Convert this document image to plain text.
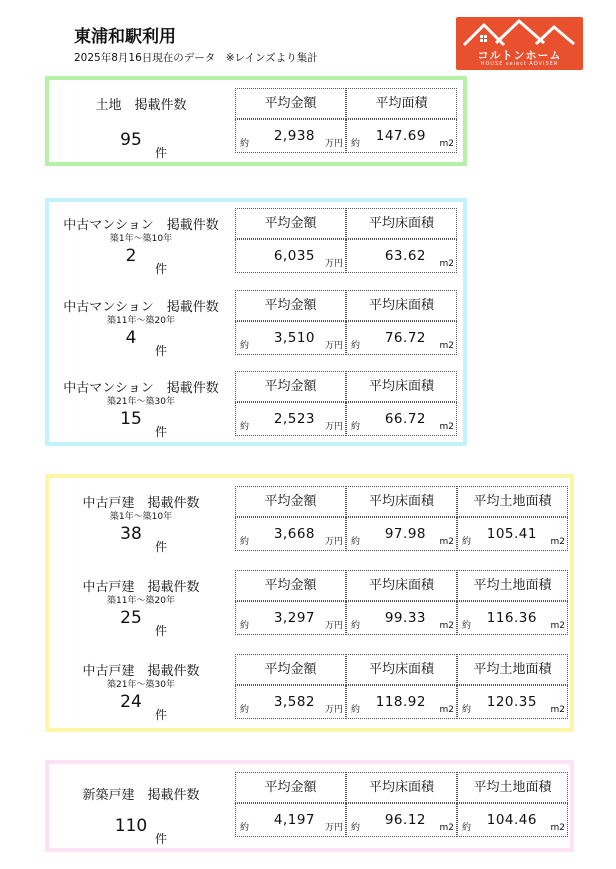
東浦和駅利用
2025年8月16日現在のデータ　※レインズより集計	コルトンホーム
HOUSE select ADVISER
土地　掲載件数
95
件
平均金額	平均面積
約 2,938 万円 約 147.69 m2
中古マンション　掲載件数
築1年～築10年
2
件
平均金額	平均床面積
6,035 万円	63.62 m2
中古マンション　掲載件数
築11年～築20年
4
件
平均金額	平均床面積
約 3,510 万円 約 76.72 m2
中古マンション　掲載件数
築21年～築30年
15
件
平均金額	平均床面積
約 2,523 万円 約 66.72 m2
中古戸建　掲載件数
築1年～築10年
38
件
平均金額	平均床面積	平均土地面積
約 3,668 万円 約 97.98 m2 約 105.41 m2
中古戸建　掲載件数
築11年～築20年
25
件
平均金額	平均床面積	平均土地面積
約 3,297 万円 約 99.33 m2 約 116.36 m2
中古戸建　掲載件数
築21年～築30年
24
件
平均金額	平均床面積	平均土地面積
約 3,582 万円 約 118.92 m2 約 120.35 m2
新築戸建　掲載件数
110
件
平均金額	平均床面積	平均土地面積
約 4,197 万円 約 96.12 m2 約 104.46 m2
